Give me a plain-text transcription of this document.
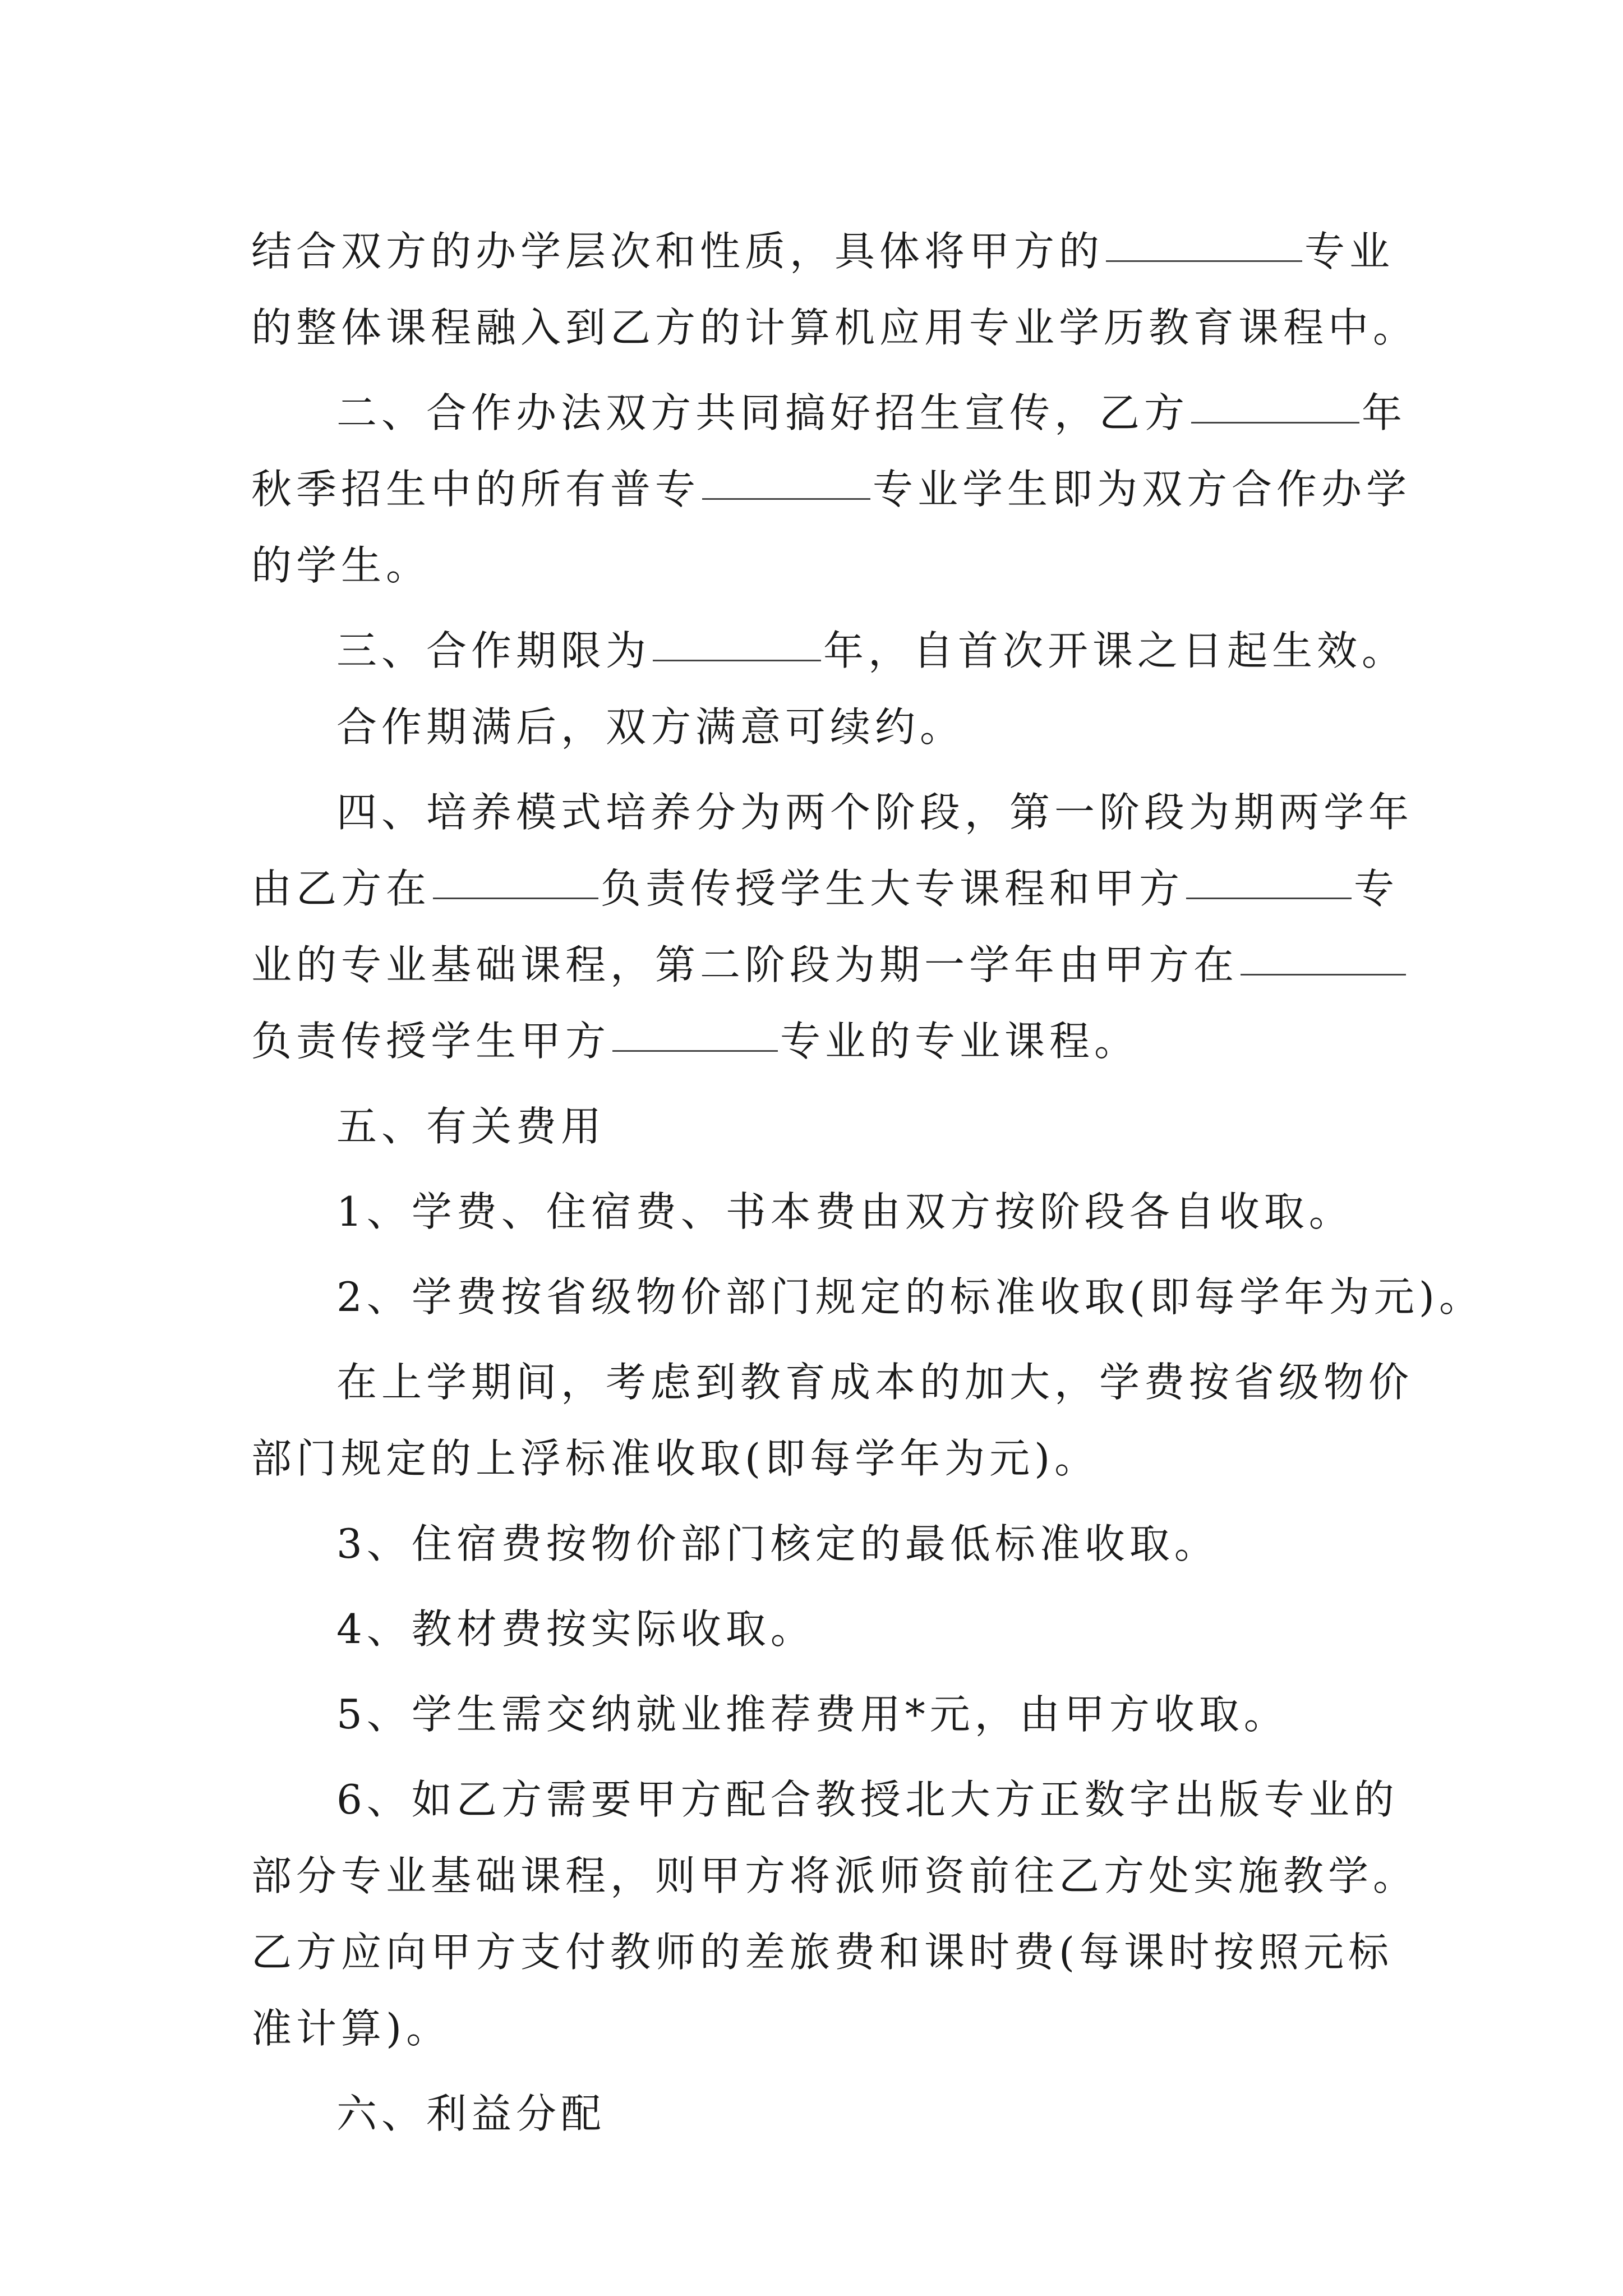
结合双方的办学层次和性质，具体将甲方的	专业
的整体课程融入到乙方的计算机应用专业学历教育课程中。
二、合作办法双方共同搞好招生宣传，乙方	年
秋季招生中的所有普专	专业学生即为双方合作办学
的学生。
三、合作期限为	年，自首次开课之日起生效。
合作期满后，双方满意可续约。
四、培养模式培养分为两个阶段，第一阶段为期两学年
由乙方在	负责传授学生大专课程和甲方	专
业的专业基础课程，第二阶段为期一学年由甲方在
负责传授学生甲方	专业的专业课程。
五、有关费用
1、学费、住宿费、书本费由双方按阶段各自收取。
2、学费按省级物价部门规定的标准收取(即每学年为元)。
在上学期间，考虑到教育成本的加大，学费按省级物价
部门规定的上浮标准收取(即每学年为元)。
3、住宿费按物价部门核定的最低标准收取。
4、教材费按实际收取。
5、学生需交纳就业推荐费用*元，由甲方收取。
6、如乙方需要甲方配合教授北大方正数字出版专业的
部分专业基础课程，则甲方将派师资前往乙方处实施教学。
乙方应向甲方支付教师的差旅费和课时费(每课时按照元标
准计算)。
六、利益分配
